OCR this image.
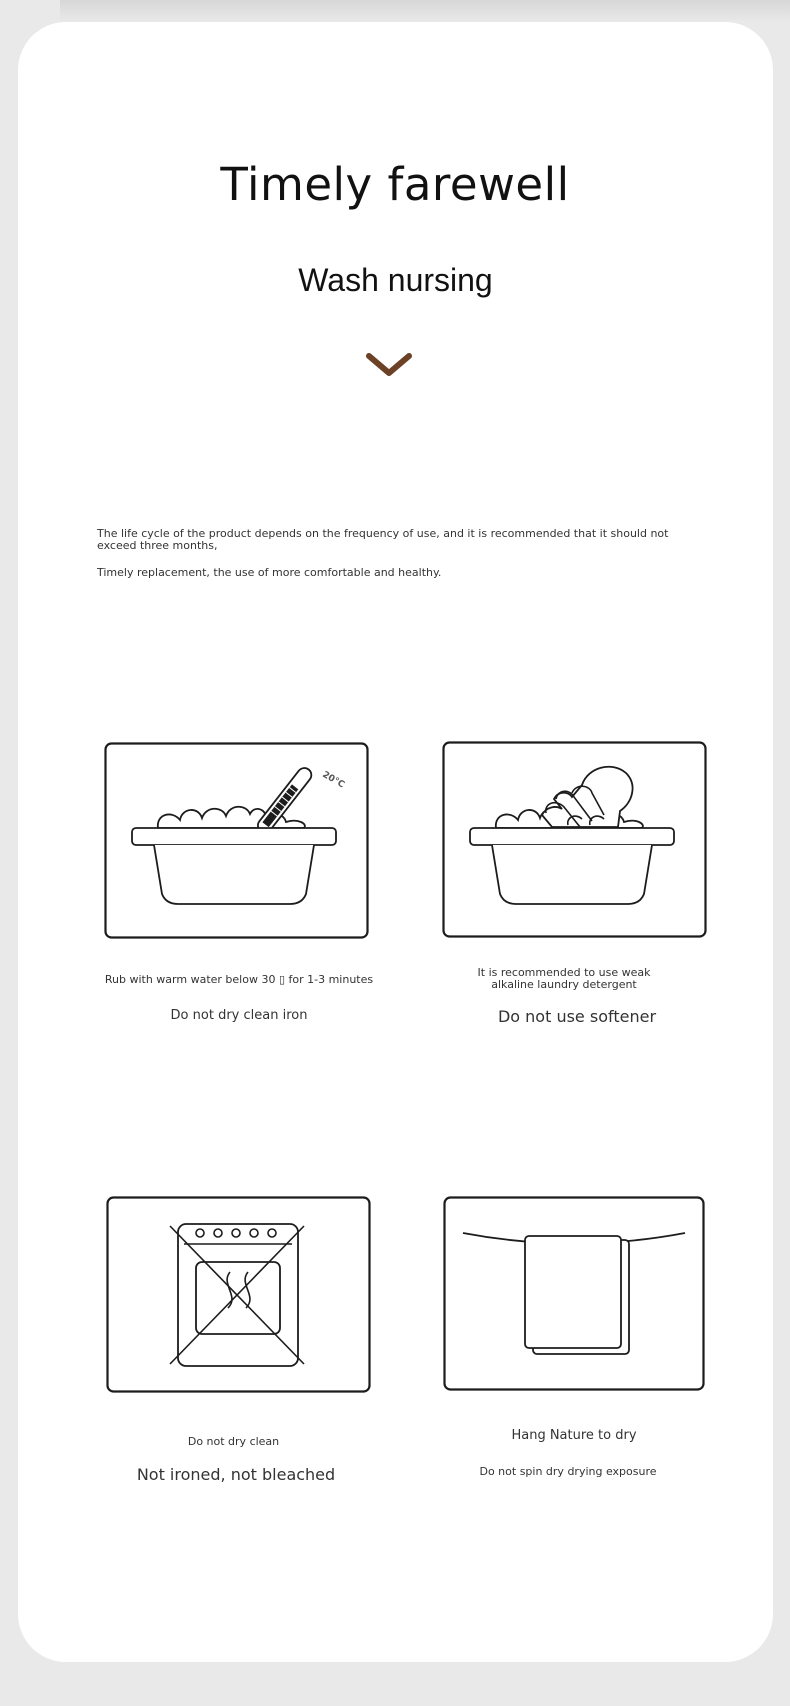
Timely farewell
Wash nursing
The life cycle of the product depends on the frequency of use, and it is recommended that it should not exceed three months,
Timely replacement, the use of more comfortable and healthy.
20°C
Rub with warm water below 30 ▯ for 1-3 minutes
Do not dry clean iron
It is recommended to use weak alkaline laundry detergent
Do not use softener
Do not dry clean
Not ironed, not bleached
Hang Nature to dry
Do not spin dry drying exposure
